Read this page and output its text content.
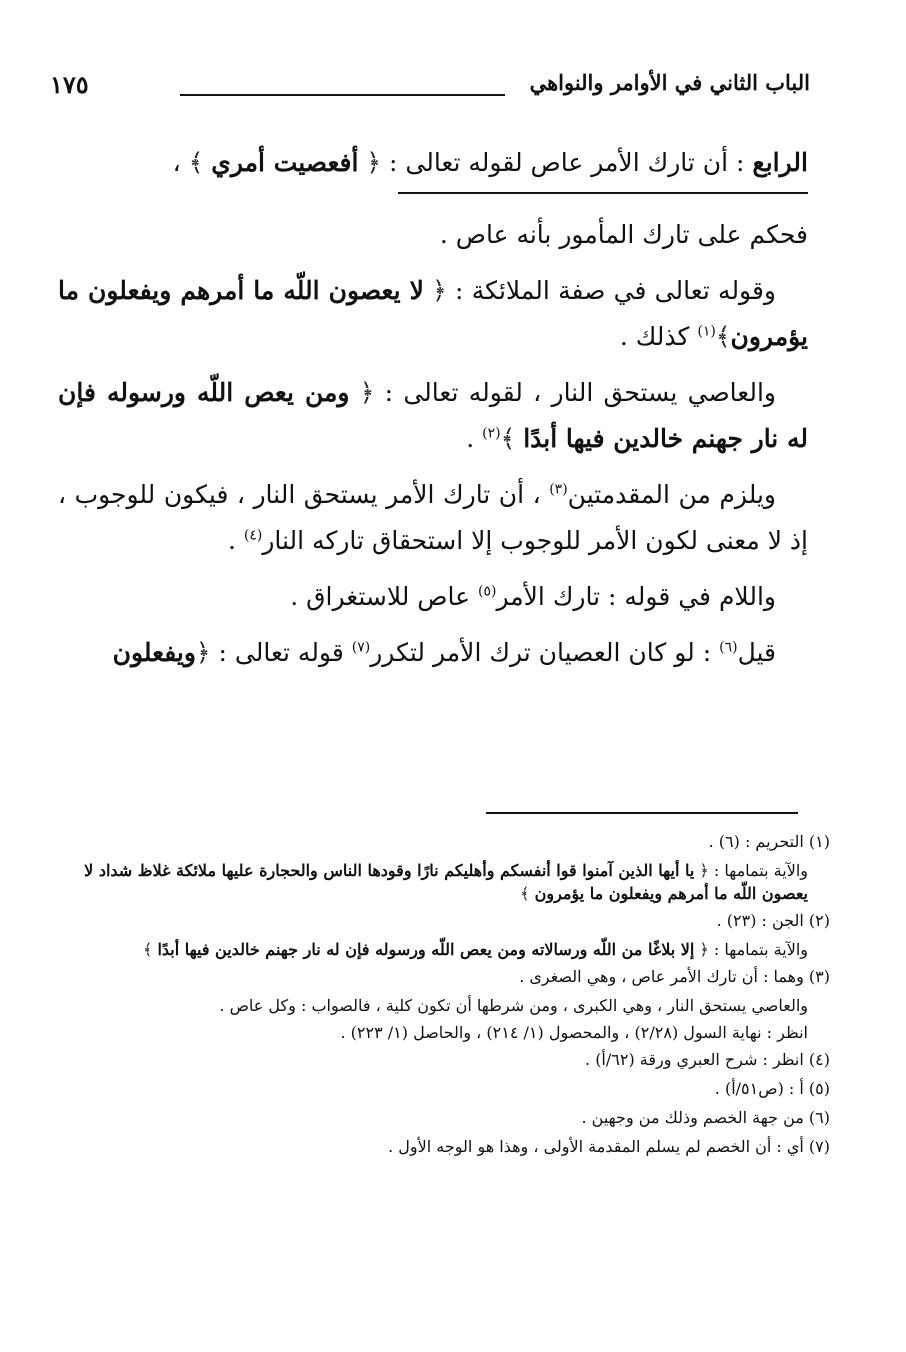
الباب الثاني في الأوامر والنواهي
١٧٥

الرابع : أن تارك الأمر عاص لقوله تعالى : ﴿ أفعصيت أمري ﴾ ،

فحكم على تارك المأمور بأنه عاص .

وقوله تعالى في صفة الملائكة : ﴿ لا يعصون اللّه ما أمرهم ويفعلون ما يؤمرون﴾$^{(١)}$ كذلك .

والعاصي يستحق النار ، لقوله تعالى : ﴿ ومن يعص اللّه ورسوله فإن له نار جهنم خالدين فيها أبدًا ﴾$^{(٢)}$ .

ويلزم من المقدمتين$^{(٣)}$ ، أن تارك الأمر يستحق النار ، فيكون للوجوب ، إذ لا معنى لكون الأمر للوجوب إلا استحقاق تاركه النار$^{(٤)}$ .

واللام في قوله : تارك الأمر$^{(٥)}$ عاص للاستغراق .

قيل$^{(٦)}$ : لو كان العصيان ترك الأمر لتكرر$^{(٧)}$ قوله تعالى : ﴿ويفعلون

(١) التحريم : (٦) .

والآية بتمامها : ﴿ يا أيها الذين آمنوا قوا أنفسكم وأهليكم نارًا وقودها الناس والحجارة عليها ملائكة غلاظ شداد لا يعصون اللّه ما أمرهم ويفعلون ما يؤمرون ﴾

(٢) الجن : (٢٣) .

والآية بتمامها : ﴿ إلا بلاغًا من اللّه ورسالاته ومن يعص اللّه ورسوله فإن له نار جهنم خالدين فيها أبدًا ﴾

(٣) وهما : أن تارك الأمر عاص ، وهي الصغرى .

والعاصي يستحق النار ، وهي الكبرى ، ومن شرطها أن تكون كلية ، فالصواب : وكل عاص .

انظر : نهاية السول (٢/٢٨) ، والمحصول (١/ ٢١٤) ، والحاصل (١/ ٢٢٣) .

(٤) انظر : شرح العبري ورقة (٦٢/أ) .

(٥) أ : (ص٥١/أ) .

(٦) من جهة الخصم وذلك من وجهين .

(٧) أي : أن الخصم لم يسلم المقدمة الأولى ، وهذا هو الوجه الأول .
